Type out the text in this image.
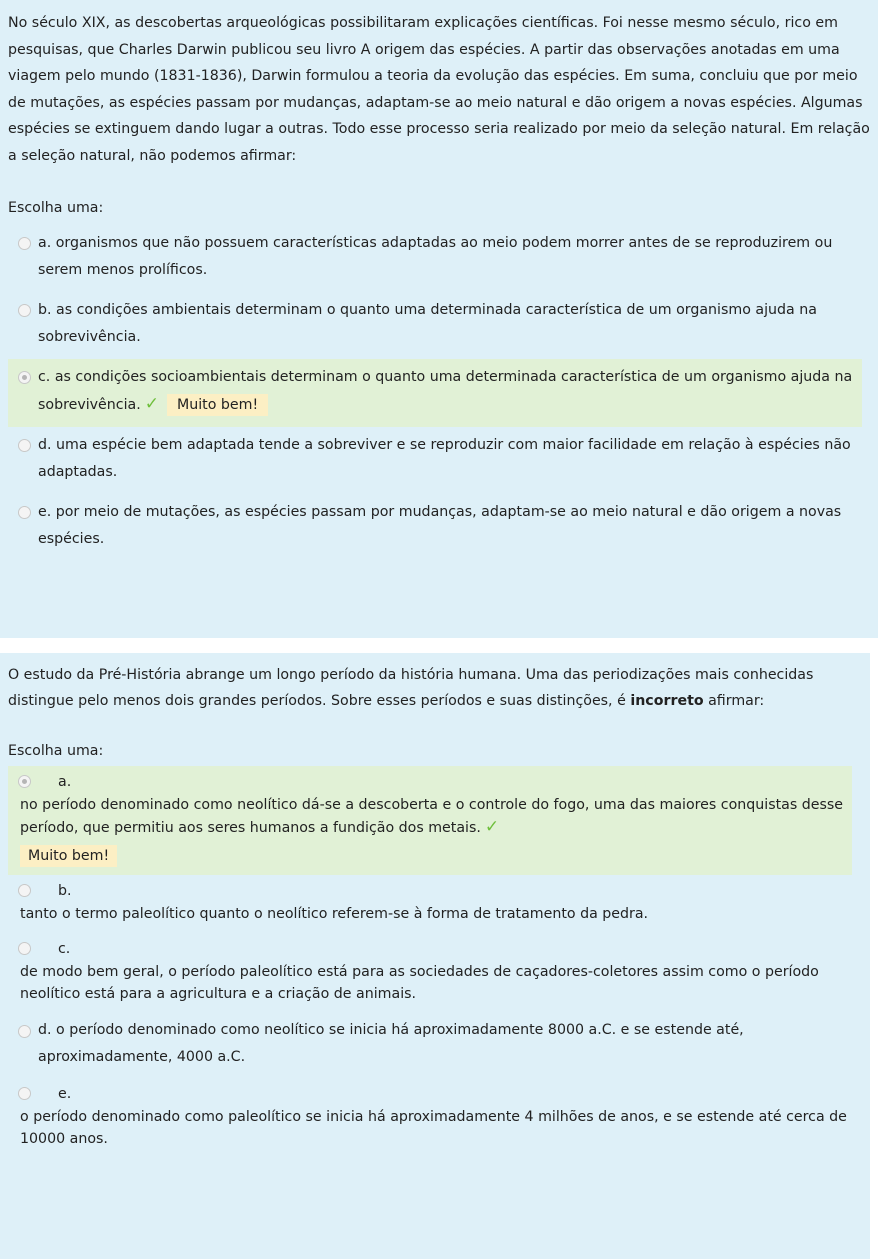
No século XIX, as descobertas arqueológicas possibilitaram explicações científicas. Foi nesse mesmo século, rico em pesquisas, que Charles Darwin publicou seu livro A origem das espécies. A partir das observações anotadas em uma viagem pelo mundo (1831-1836), Darwin formulou a teoria da evolução das espécies. Em suma, concluiu que por meio de mutações, as espécies passam por mudanças, adaptam-se ao meio natural e dão origem a novas espécies. Algumas espécies se extinguem dando lugar a outras. Todo esse processo seria realizado por meio da seleção natural. Em relação a seleção natural, não podemos afirmar:

Escolha uma:
a. organismos que não possuem características adaptadas ao meio podem morrer antes de se reproduzirem ou serem menos prolíficos.
b. as condições ambientais determinam o quanto uma determinada característica de um organismo ajuda na sobrevivência.
c. as condições socioambientais determinam o quanto uma determinada característica de um organismo ajuda na sobrevivência. ✓ Muito bem!
d. uma espécie bem adaptada tende a sobreviver e se reproduzir com maior facilidade em relação à espécies não adaptadas.
e. por meio de mutações, as espécies passam por mudanças, adaptam-se ao meio natural e dão origem a novas espécies.

O estudo da Pré-História abrange um longo período da história humana. Uma das periodizações mais conhecidas distingue pelo menos dois grandes períodos. Sobre esses períodos e suas distinções, é incorreto afirmar:

Escolha uma:
a.
no período denominado como neolítico dá-se a descoberta e o controle do fogo, uma das maiores conquistas desse período, que permitiu aos seres humanos a fundição dos metais. ✓
Muito bem!
b.
tanto o termo paleolítico quanto o neolítico referem-se à forma de tratamento da pedra.
c.
de modo bem geral, o período paleolítico está para as sociedades de caçadores-coletores assim como o período neolítico está para a agricultura e a criação de animais.
d. o período denominado como neolítico se inicia há aproximadamente 8000 a.C. e se estende até, aproximadamente, 4000 a.C.
e.
o período denominado como paleolítico se inicia há aproximadamente 4 milhões de anos, e se estende até cerca de 10000 anos.
